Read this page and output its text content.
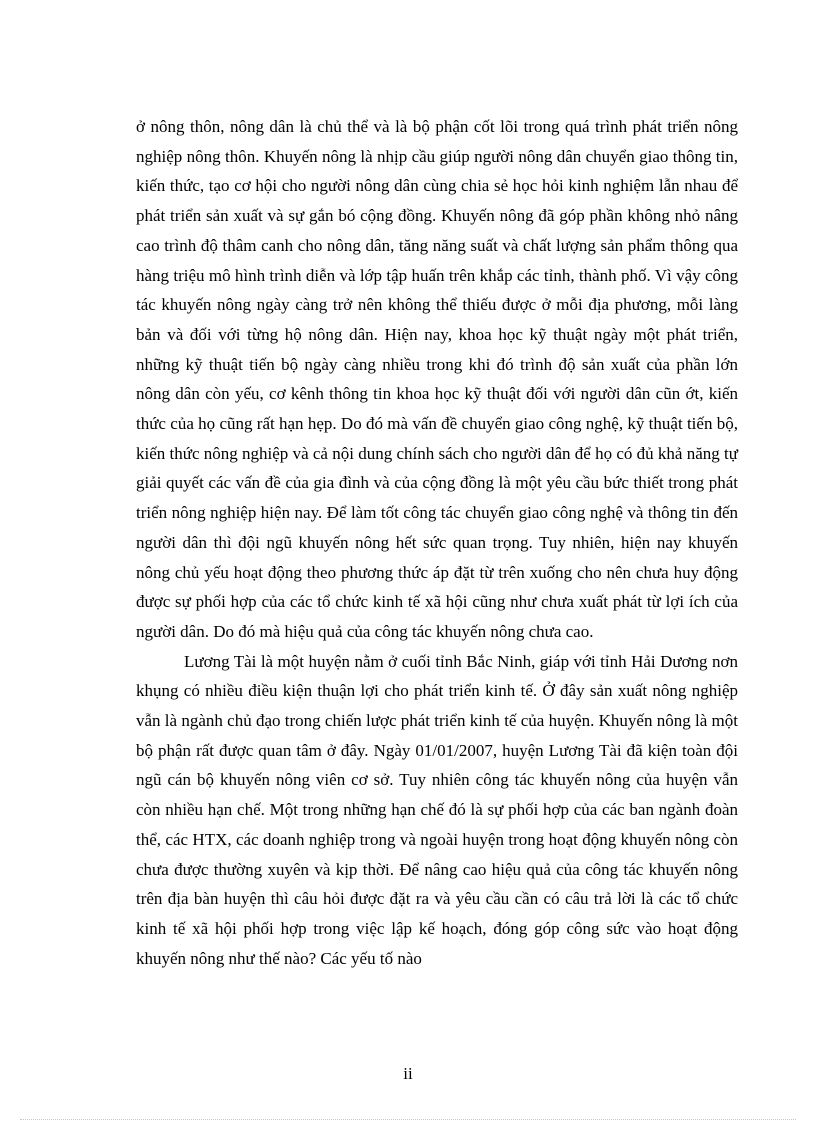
ở nông thôn, nông dân là chủ thể và là bộ phận cốt lõi trong quá trình phát triển nông nghiệp nông thôn. Khuyến nông là nhịp cầu giúp người nông dân chuyển giao thông tin, kiến thức, tạo cơ hội cho người nông dân cùng chia sẻ học hỏi kinh nghiệm lẫn nhau để phát triển sản xuất và sự gắn bó cộng đồng. Khuyến nông đã góp phần không nhỏ nâng cao trình độ thâm canh cho nông dân, tăng năng suất và chất lượng sản phẩm thông qua hàng triệu mô hình trình diễn và lớp tập huấn trên khắp các tỉnh, thành phố. Vì vậy công tác khuyến nông ngày càng trở nên không thể thiếu được ở mỗi địa phương, mỗi làng bản và đối với từng hộ nông dân. Hiện nay, khoa học kỹ thuật ngày một phát triển, những kỹ thuật tiến bộ ngày càng nhiều trong khi đó trình độ sản xuất của phần lớn nông dân còn yếu, cơ kênh thông tin khoa học kỹ thuật đối với người dân cũn ớt, kiến thức của họ cũng rất hạn hẹp. Do đó mà vấn đề chuyển giao công nghệ, kỹ thuật tiến bộ, kiến thức nông nghiệp và cả nội dung chính sách cho người dân để họ có đủ khả năng tự giải quyết các vấn đề của gia đình và của cộng đồng là một yêu cầu bức thiết trong phát triển nông nghiệp hiện nay. Để làm tốt công tác chuyển giao công nghệ và thông tin đến người dân thì đội ngũ khuyến nông hết sức quan trọng. Tuy nhiên, hiện nay khuyến nông chủ yếu hoạt động theo phương thức áp đặt từ trên xuống cho nên chưa huy động được sự phối hợp của các tổ chức kinh tế xã hội cũng như chưa xuất phát từ lợi ích của người dân. Do đó mà hiệu quả của công tác khuyến nông chưa cao.

Lương Tài là một huyện nằm ở cuối tỉnh Bắc Ninh, giáp với tỉnh Hải Dương nơn khụng có nhiều điều kiện thuận lợi cho phát triển kinh tế. Ở đây sản xuất nông nghiệp vẫn là ngành chủ đạo trong chiến lược phát triển kinh tế của huyện. Khuyến nông là một bộ phận rất được quan tâm ở đây. Ngày 01/01/2007, huyện Lương Tài đã kiện toàn đội ngũ cán bộ khuyến nông viên cơ sở. Tuy nhiên công tác khuyến nông của huyện vẫn còn nhiều hạn chế. Một trong những hạn chế đó là sự phối hợp của các ban ngành đoàn thể, các HTX, các doanh nghiệp trong và ngoài huyện trong hoạt động khuyến nông còn chưa được thường xuyên và kịp thời. Để nâng cao hiệu quả của công tác khuyến nông trên địa bàn huyện thì câu hỏi được đặt ra và yêu cầu cần có câu trả lời là các tổ chức kinh tế xã hội phối hợp trong việc lập kế hoạch, đóng góp công sức vào hoạt động khuyến nông như thế nào? Các yếu tố nào

ii
